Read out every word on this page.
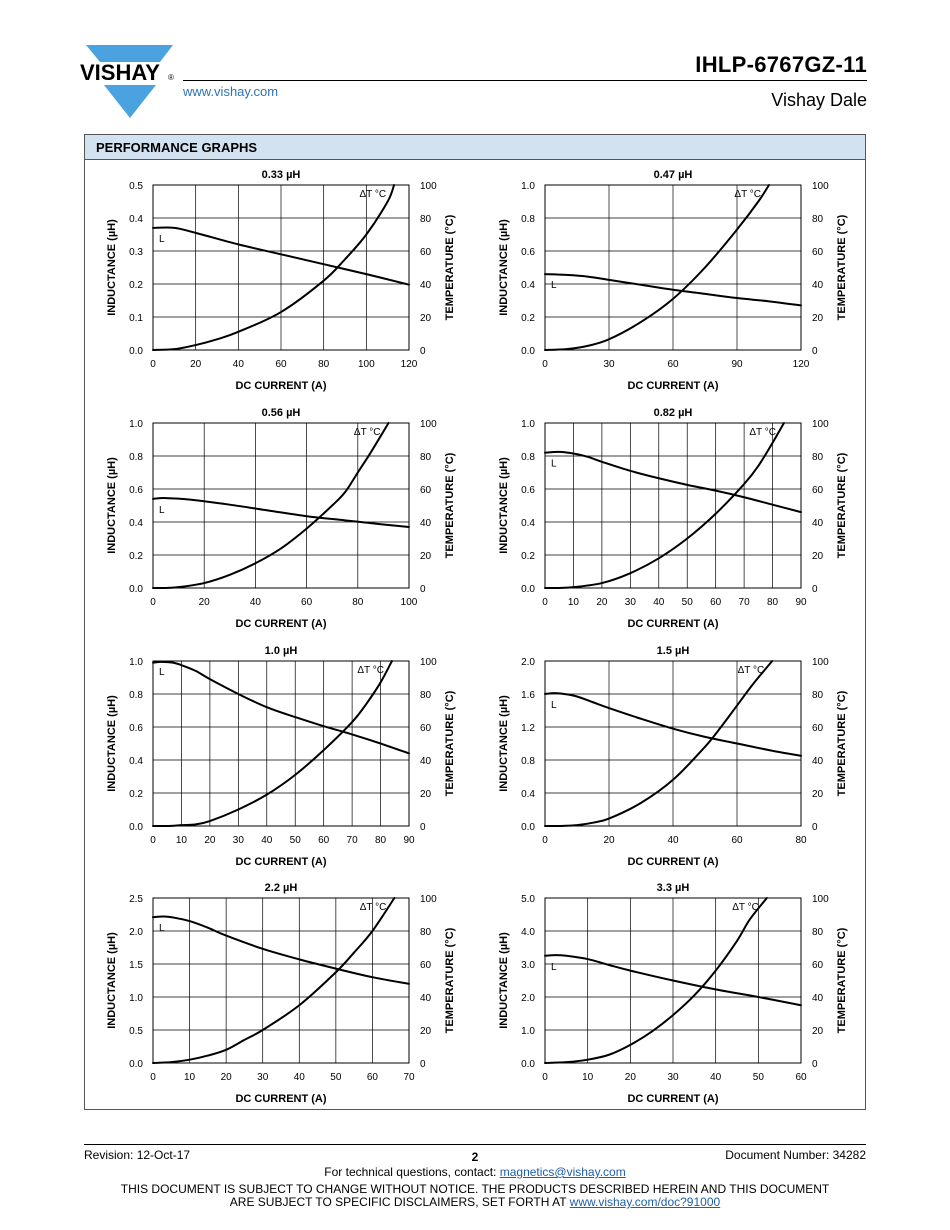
VISHAY ®
www.vishay.com
IHLP-6767GZ-11
Vishay Dale
PERFORMANCE GRAPHS
0	20	40	60	80	100	120
0.0
0.1
0.2
0.3
0.4
0.5
0
20
40
60
80
100
0.33 µH
DC CURRENT (A)
INDUCTANCE (µH)	TEMPERATURE (°C)
L
ΔT °C
0	30	60	90	120
0.0
0.2
0.4
0.6
0.8
1.0
0
20
40
60
80
100
0.47 µH
DC CURRENT (A)
INDUCTANCE (µH)	TEMPERATURE (°C)
L
ΔT °C
0	20	40	60	80	100
0.0
0.2
0.4
0.6
0.8
1.0
0
20
40
60
80
100
0.56 µH
DC CURRENT (A)
INDUCTANCE (µH)	TEMPERATURE (°C)
L
ΔT °C
0 10 20 30 40 50 60 70 80 90
0.0
0.2
0.4
0.6
0.8
1.0
0
20
40
60
80
100
0.82 µH
DC CURRENT (A)
INDUCTANCE (µH)	TEMPERATURE (°C)
L
ΔT °C
0 10 20 30 40 50 60 70 80 90
0.0
0.2
0.4
0.6
0.8
1.0
0
20
40
60
80
100
1.0 µH
DC CURRENT (A)
INDUCTANCE (µH)	TEMPERATURE (°C)
L	ΔT °C
0	20	40	60	80
0.0
0.4
0.8
1.2
1.6
2.0
0
20
40
60
80
100
1.5 µH
DC CURRENT (A)
INDUCTANCE (µH)	TEMPERATURE (°C)
L
ΔT °C
0	10	20	30	40	50	60	70
0.0
0.5
1.0
1.5
2.0
2.5
0
20
40
60
80
100
2.2 µH
DC CURRENT (A)
INDUCTANCE (µH)	TEMPERATURE (°C)
L
ΔT °C
0	10	20	30	40	50	60
0.0
1.0
2.0
3.0
4.0
5.0
0
20
40
60
80
100
3.3 µH
DC CURRENT (A)
INDUCTANCE (µH)	TEMPERATURE (°C)
L
ΔT °C
Revision: 12-Oct-17	2	Document Number: 34282
For technical questions, contact: magnetics@vishay.com
THIS DOCUMENT IS SUBJECT TO CHANGE WITHOUT NOTICE. THE PRODUCTS DESCRIBED HEREIN AND THIS DOCUMENT
ARE SUBJECT TO SPECIFIC DISCLAIMERS, SET FORTH AT www.vishay.com/doc?91000
